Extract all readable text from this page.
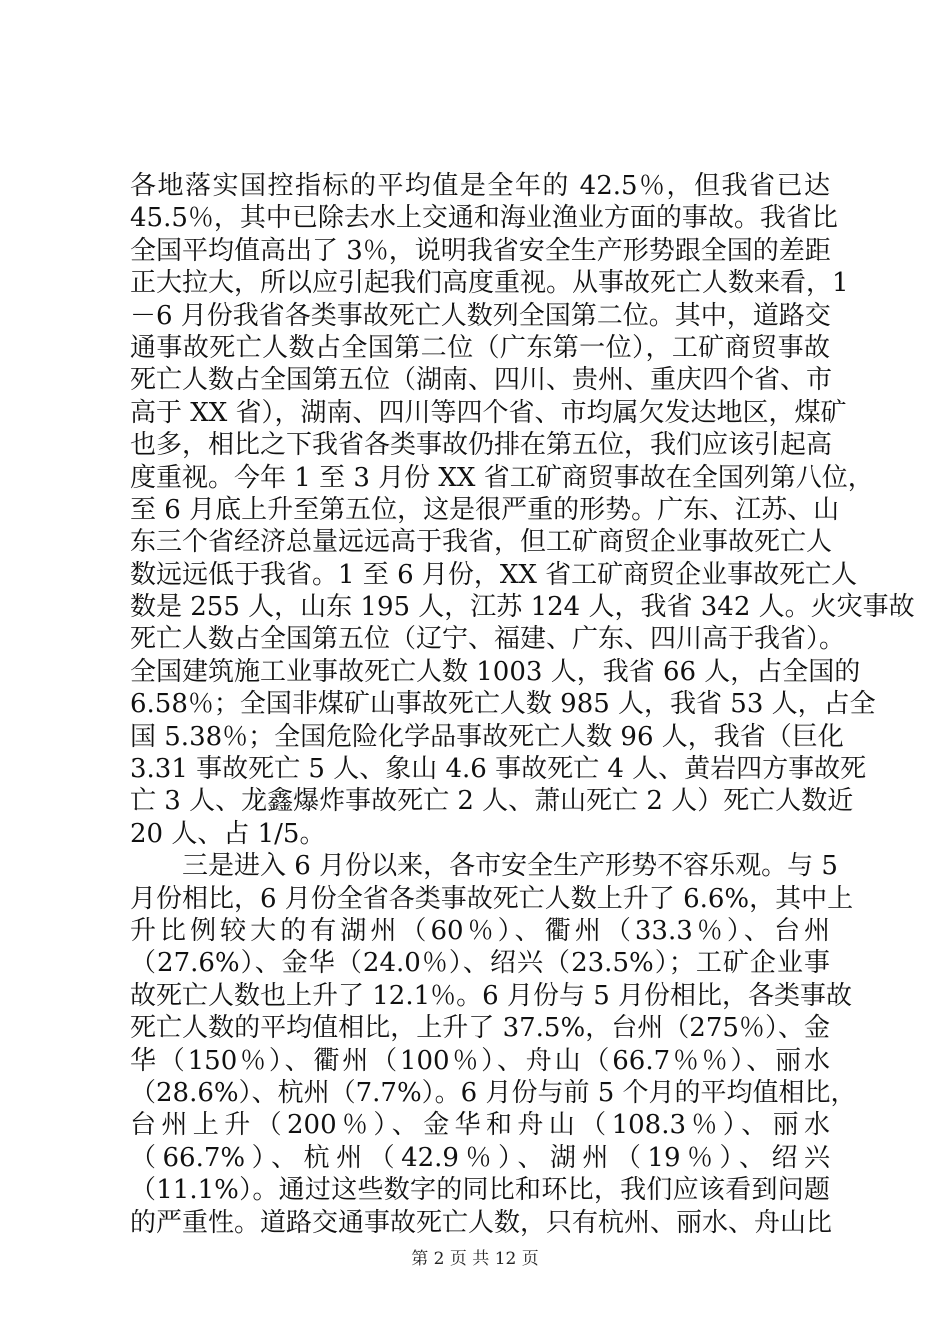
各地落实国控指标的平均值是全年的 42.5％，但我省已达
45.5％，其中已除去水上交通和海业渔业方面的事故。我省比
全国平均值高出了 3％，说明我省安全生产形势跟全国的差距
正大拉大，所以应引起我们高度重视。从事故死亡人数来看，1
－6 月份我省各类事故死亡人数列全国第二位。其中，道路交
通事故死亡人数占全国第二位（广东第一位），工矿商贸事故
死亡人数占全国第五位（湖南、四川、贵州、重庆四个省、市
高于 XX 省），湖南、四川等四个省、市均属欠发达地区，煤矿
也多，相比之下我省各类事故仍排在第五位，我们应该引起高
度重视。今年 1 至 3 月份 XX 省工矿商贸事故在全国列第八位，
至 6 月底上升至第五位，这是很严重的形势。广东、江苏、山
东三个省经济总量远远高于我省，但工矿商贸企业事故死亡人
数远远低于我省。1 至 6 月份，XX 省工矿商贸企业事故死亡人
数是 255 人，山东 195 人，江苏 124 人，我省 342 人。火灾事故
死亡人数占全国第五位（辽宁、福建、广东、四川高于我省）。
全国建筑施工业事故死亡人数 1003 人，我省 66 人，占全国的
6.58％；全国非煤矿山事故死亡人数 985 人，我省 53 人，占全
国 5.38％；全国危险化学品事故死亡人数 96 人，我省（巨化
3.31 事故死亡 5 人、象山 4.6 事故死亡 4 人、黄岩四方事故死
亡 3 人、龙鑫爆炸事故死亡 2 人、萧山死亡 2 人）死亡人数近
20 人、占 1/5。
三是进入 6 月份以来，各市安全生产形势不容乐观。与 5
月份相比，6 月份全省各类事故死亡人数上升了 6.6%，其中上
升比例较大的有湖州（60％）、衢州（33.3％）、台州
（27.6%）、金华（24.0％）、绍兴（23.5%）；工矿企业事
故死亡人数也上升了 12.1％。6 月份与 5 月份相比，各类事故
死亡人数的平均值相比，上升了 37.5%，台州（275％）、金
华（150％）、衢州（100％）、舟山（66.7％％）、丽水
（28.6%）、杭州（7.7%）。6 月份与前 5 个月的平均值相比，
台州上升（200％）、金华和舟山（108.3％）、丽水
（66.7%）、杭州（42.9％）、湖州（19％）、绍兴
（11.1%）。通过这些数字的同比和环比，我们应该看到问题
的严重性。道路交通事故死亡人数，只有杭州、丽水、舟山比
第 2 页 共 12 页
